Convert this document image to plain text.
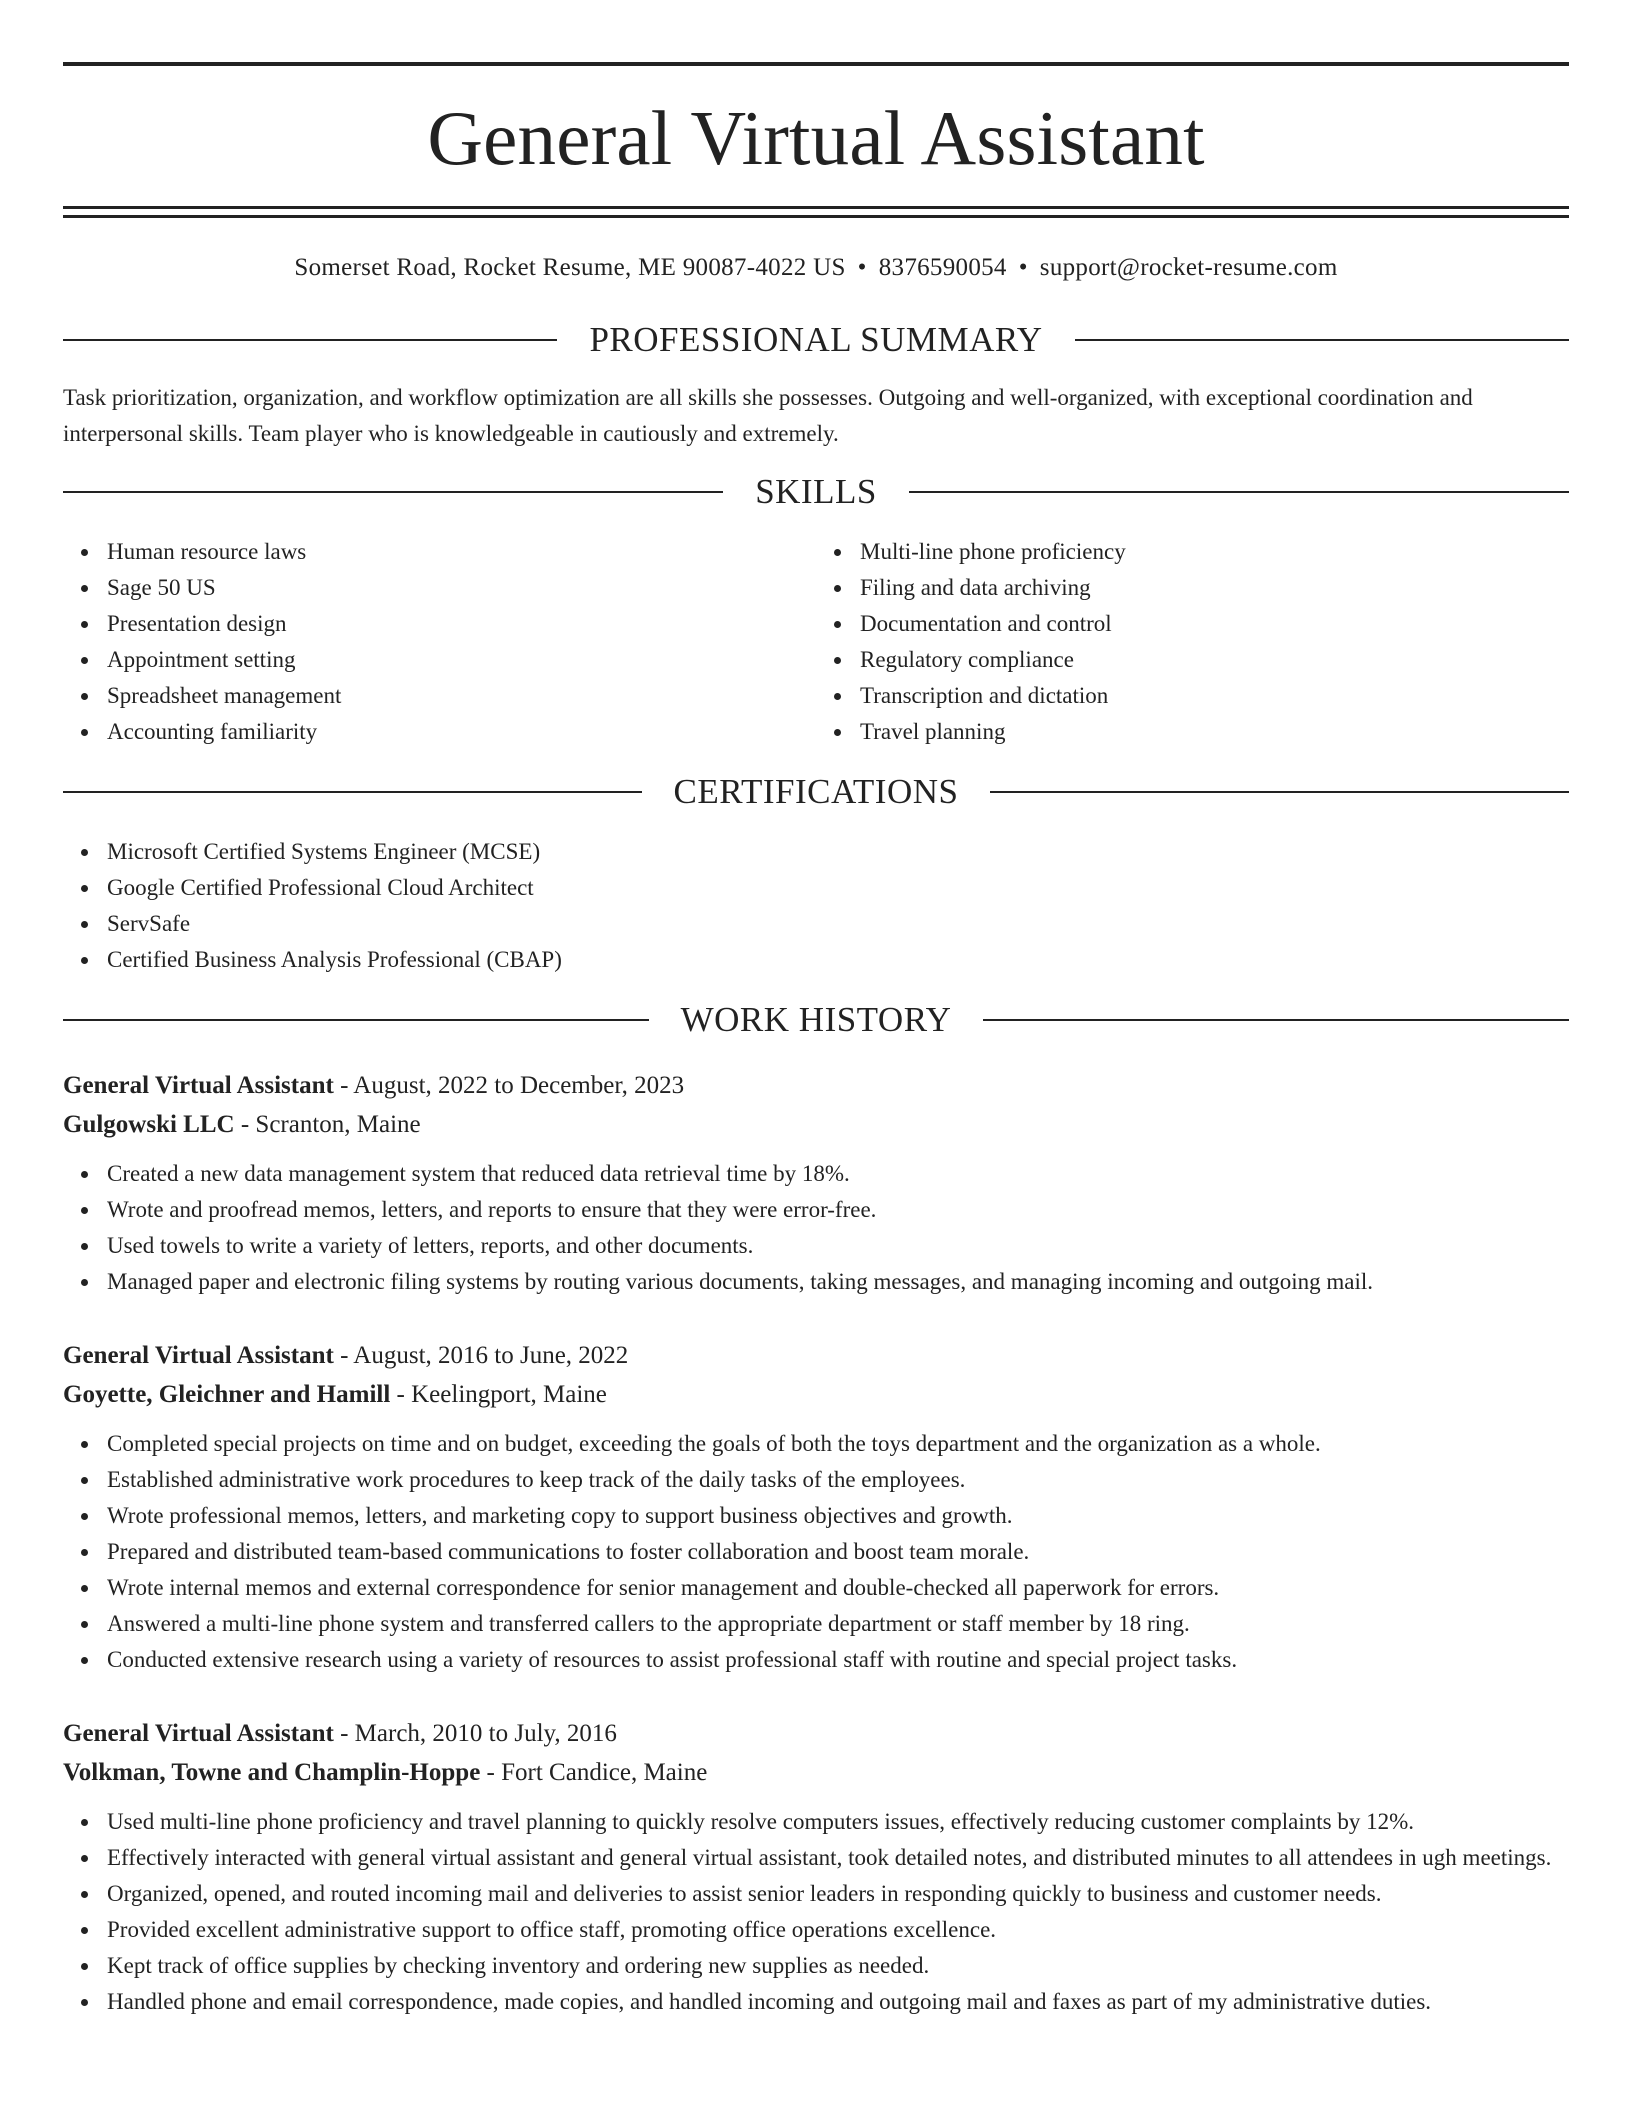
General Virtual Assistant
Somerset Road, Rocket Resume, ME 90087-4022 US • 8376590054 • support@rocket-resume.com
PROFESSIONAL SUMMARY

Task prioritization, organization, and workflow optimization are all skills she possesses. Outgoing and well-organized, with exceptional coordination and interpersonal skills. Team player who is knowledgeable in cautiously and extremely.

SKILLS
Human resource laws
Sage 50 US
Presentation design
Appointment setting
Spreadsheet management
Accounting familiarity
Multi-line phone proficiency
Filing and data archiving
Documentation and control
Regulatory compliance
Transcription and dictation
Travel planning
CERTIFICATIONS
Microsoft Certified Systems Engineer (MCSE)
Google Certified Professional Cloud Architect
ServSafe
Certified Business Analysis Professional (CBAP)
WORK HISTORY
General Virtual Assistant - August, 2022 to December, 2023
Gulgowski LLC - Scranton, Maine
Created a new data management system that reduced data retrieval time by 18%.
Wrote and proofread memos, letters, and reports to ensure that they were error-free.
Used towels to write a variety of letters, reports, and other documents.
Managed paper and electronic filing systems by routing various documents, taking messages, and managing incoming and outgoing mail.
General Virtual Assistant - August, 2016 to June, 2022
Goyette, Gleichner and Hamill - Keelingport, Maine
Completed special projects on time and on budget, exceeding the goals of both the toys department and the organization as a whole.
Established administrative work procedures to keep track of the daily tasks of the employees.
Wrote professional memos, letters, and marketing copy to support business objectives and growth.
Prepared and distributed team-based communications to foster collaboration and boost team morale.
Wrote internal memos and external correspondence for senior management and double-checked all paperwork for errors.
Answered a multi-line phone system and transferred callers to the appropriate department or staff member by 18 ring.
Conducted extensive research using a variety of resources to assist professional staff with routine and special project tasks.
General Virtual Assistant - March, 2010 to July, 2016
Volkman, Towne and Champlin-Hoppe - Fort Candice, Maine
Used multi-line phone proficiency and travel planning to quickly resolve computers issues, effectively reducing customer complaints by 12%.
Effectively interacted with general virtual assistant and general virtual assistant, took detailed notes, and distributed minutes to all attendees in ugh meetings.
Organized, opened, and routed incoming mail and deliveries to assist senior leaders in responding quickly to business and customer needs.
Provided excellent administrative support to office staff, promoting office operations excellence.
Kept track of office supplies by checking inventory and ordering new supplies as needed.
Handled phone and email correspondence, made copies, and handled incoming and outgoing mail and faxes as part of my administrative duties.
